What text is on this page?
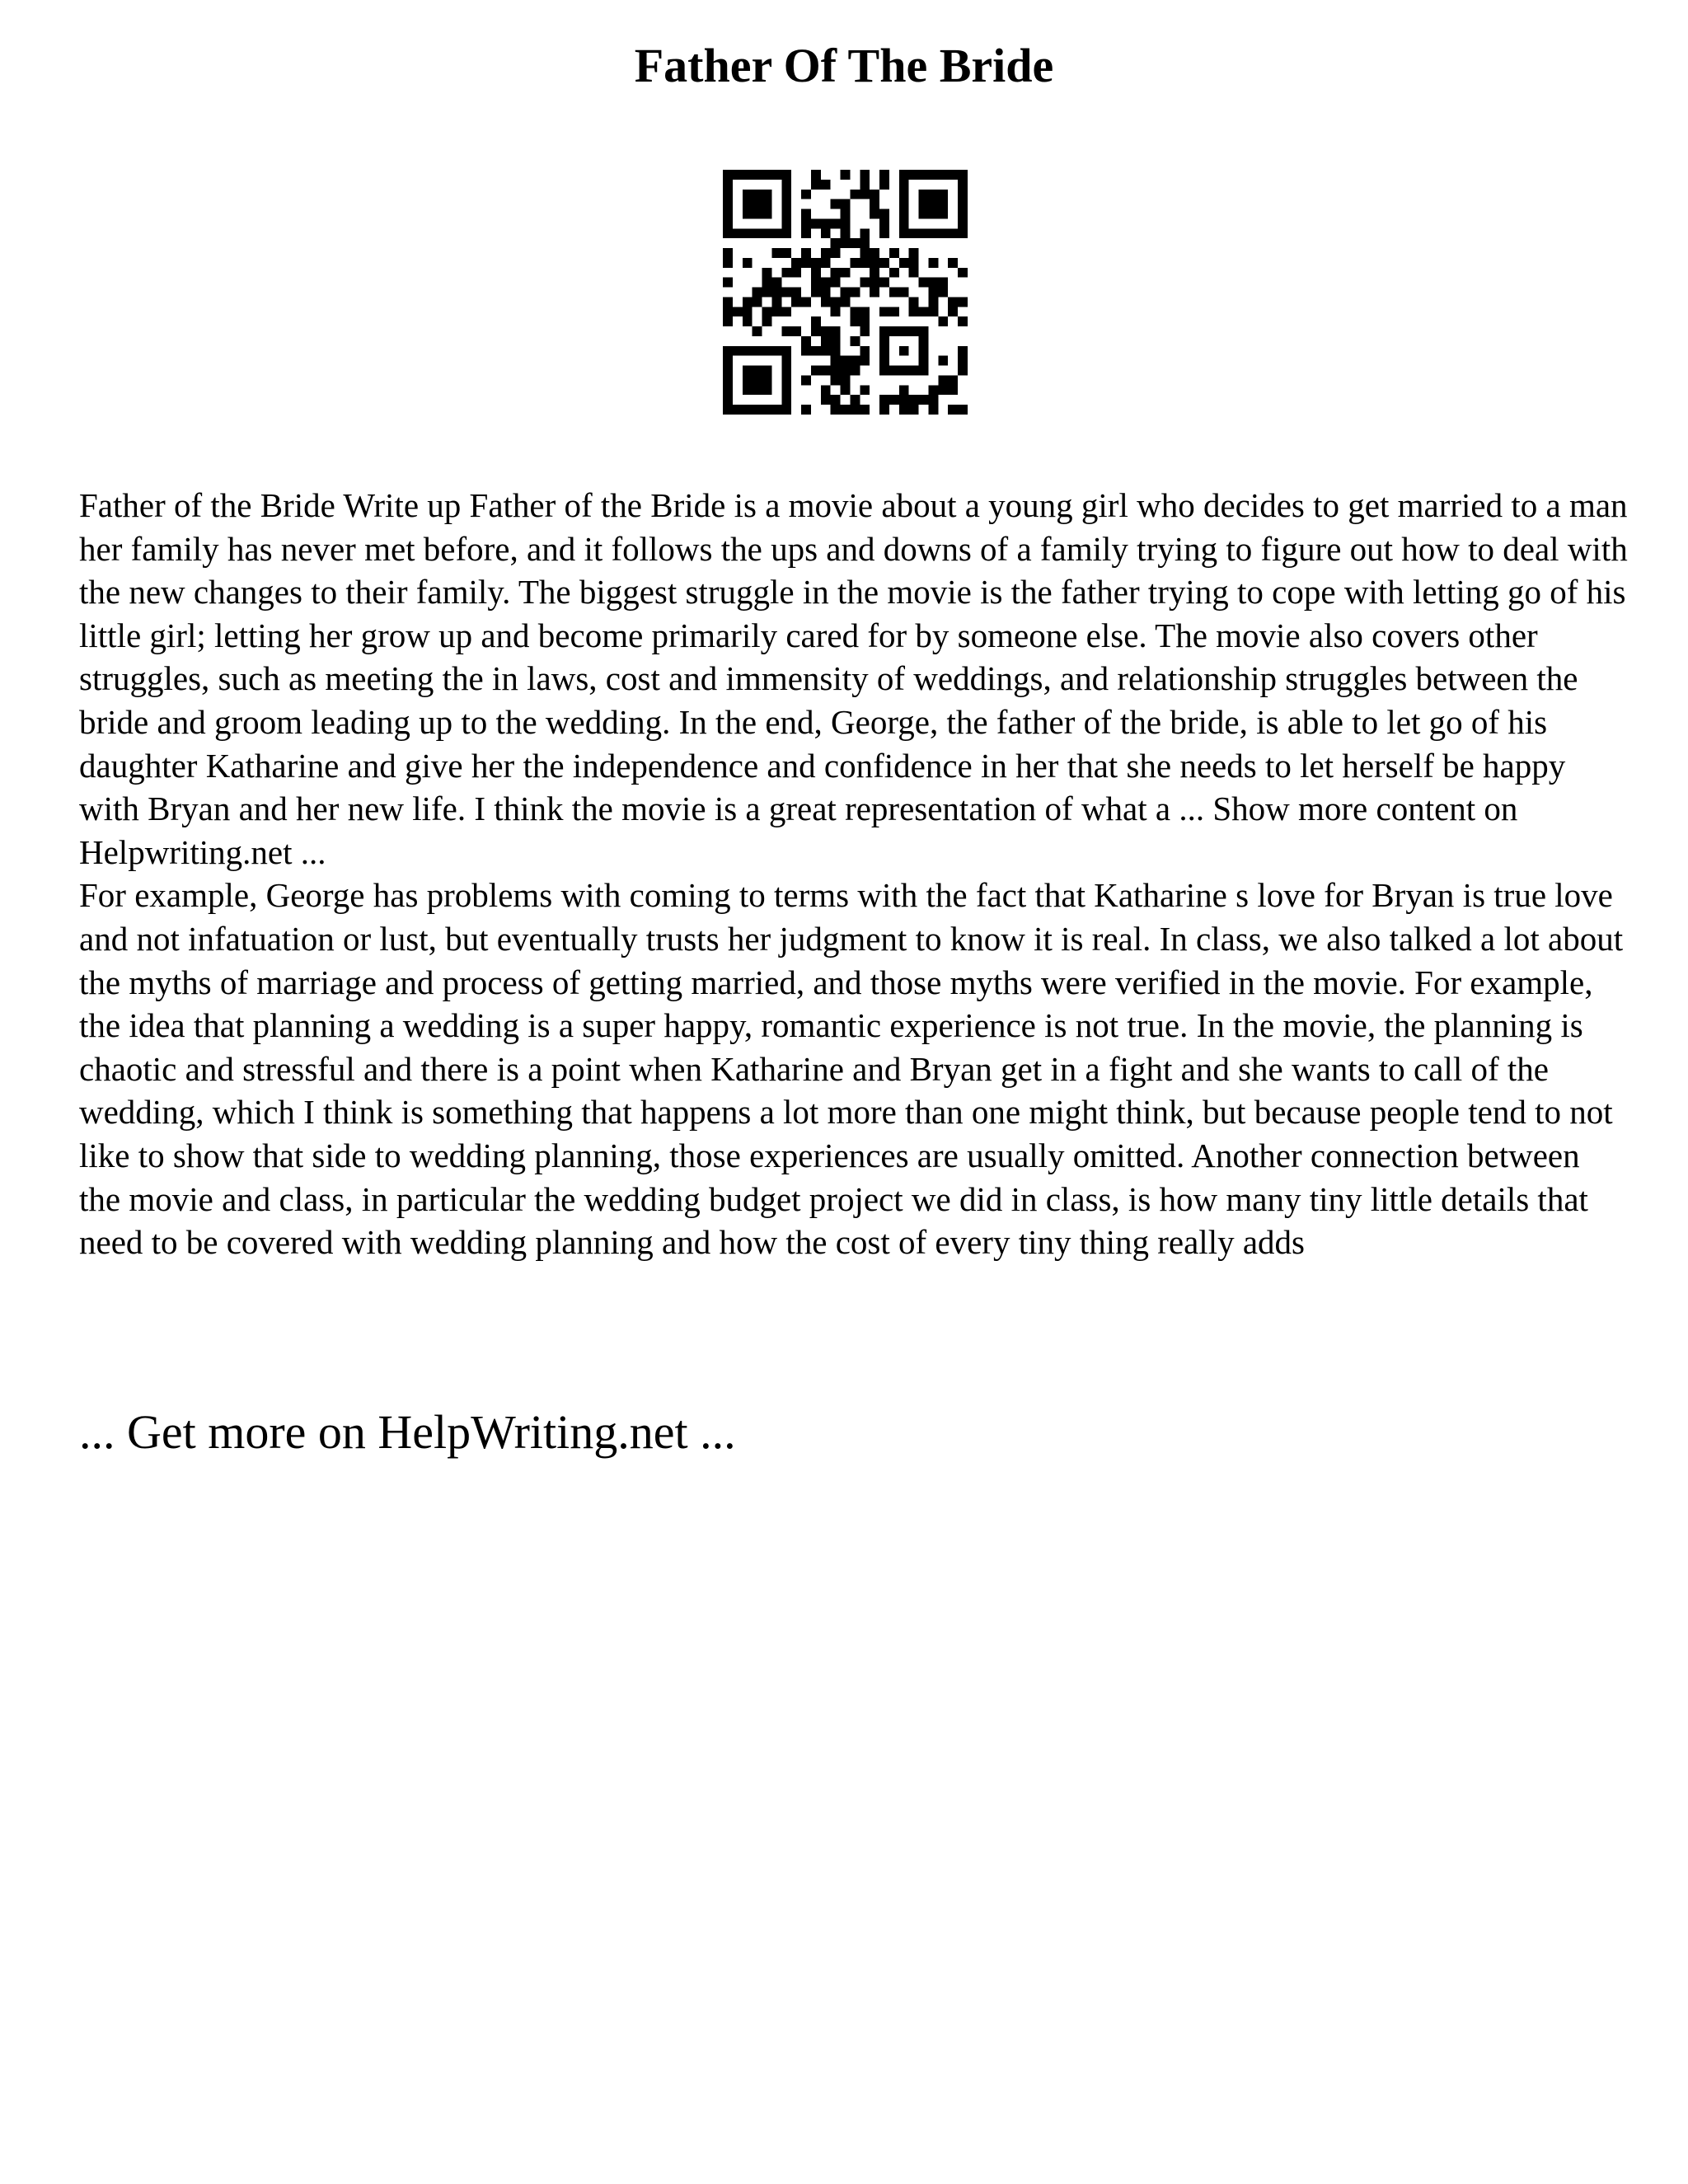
Father Of The Bride

Father of the Bride Write up Father of the Bride is a movie about a young girl who decides to get married to a man her family has never met before, and it follows the ups and downs of a family trying to figure out how to deal with the new changes to their family. The biggest struggle in the movie is the father trying to cope with letting go of his little girl; letting her grow up and become primarily cared for by someone else. The movie also covers other struggles, such as meeting the in laws, cost and immensity of weddings, and relationship struggles between the bride and groom leading up to the wedding. In the end, George, the father of the bride, is able to let go of his daughter Katharine and give her the independence and confidence in her that she needs to let herself be happy with Bryan and her new life. I think the movie is a great representation of what a ... Show more content on Helpwriting.net ...

For example, George has problems with coming to terms with the fact that Katharine s love for Bryan is true love and not infatuation or lust, but eventually trusts her judgment to know it is real. In class, we also talked a lot about the myths of marriage and process of getting married, and those myths were verified in the movie. For example, the idea that planning a wedding is a super happy, romantic experience is not true. In the movie, the planning is chaotic and stressful and there is a point when Katharine and Bryan get in a fight and she wants to call of the wedding, which I think is something that happens a lot more than one might think, but because people tend to not like to show that side to wedding planning, those experiences are usually omitted. Another connection between the movie and class, in particular the wedding budget project we did in class, is how many tiny little details that need to be covered with wedding planning and how the cost of every tiny thing really adds

... Get more on HelpWriting.net ...
